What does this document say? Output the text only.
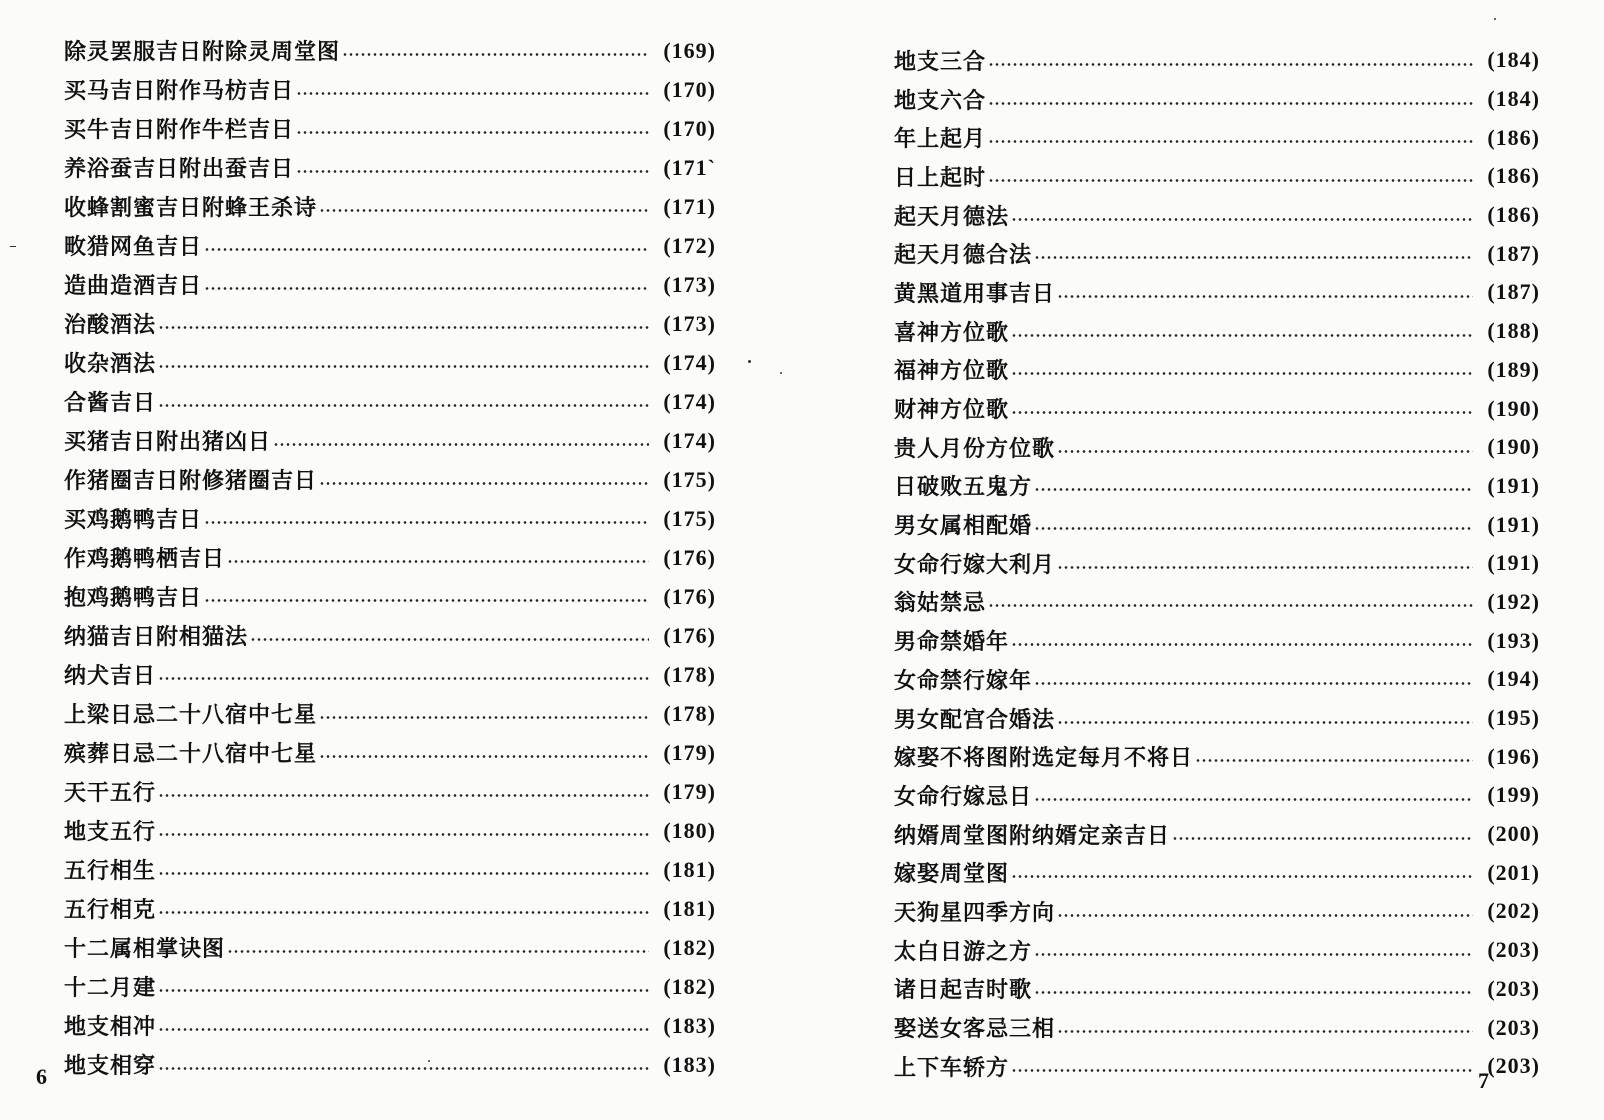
除灵罢服吉日附除灵周堂图	(169)
买马吉日附作马枋吉日	(170)
买牛吉日附作牛栏吉日	(170)
养浴蚕吉日附出蚕吉日	(171`
收蜂割蜜吉日附蜂王杀诗	(171)
畋猎网鱼吉日	(172)
造曲造酒吉日	(173)
治酸酒法	(173)
收杂酒法	(174)
合酱吉日	(174)
买猪吉日附出猪凶日	(174)
作猪圈吉日附修猪圈吉日	(175)
买鸡鹅鸭吉日	(175)
作鸡鹅鸭栖吉日	(176)
抱鸡鹅鸭吉日	(176)
纳猫吉日附相猫法	(176)
纳犬吉日	(178)
上梁日忌二十八宿中七星	(178)
殡葬日忌二十八宿中七星	(179)
天干五行	(179)
地支五行	(180)
五行相生	(181)
五行相克	(181)
十二属相掌诀图	(182)
十二月建	(182)
地支相冲	(183)
地支相穿	(183)
6
地支三合	(184)
地支六合	(184)
年上起月	(186)
日上起时	(186)
起天月德法	(186)
起天月德合法	(187)
黄黑道用事吉日	(187)
喜神方位歌	(188)
福神方位歌	(189)
财神方位歌	(190)
贵人月份方位歌	(190)
日破败五鬼方	(191)
男女属相配婚	(191)
女命行嫁大利月	(191)
翁姑禁忌	(192)
男命禁婚年	(193)
女命禁行嫁年	(194)
男女配宫合婚法	(195)
嫁娶不将图附选定每月不将日	(196)
女命行嫁忌日	(199)
纳婿周堂图附纳婿定亲吉日	(200)
嫁娶周堂图	(201)
天狗星四季方向	(202)
太白日游之方	(203)
诸日起吉时歌	(203)
娶送女客忌三相	(203)
上下车轿方	(203)
7
